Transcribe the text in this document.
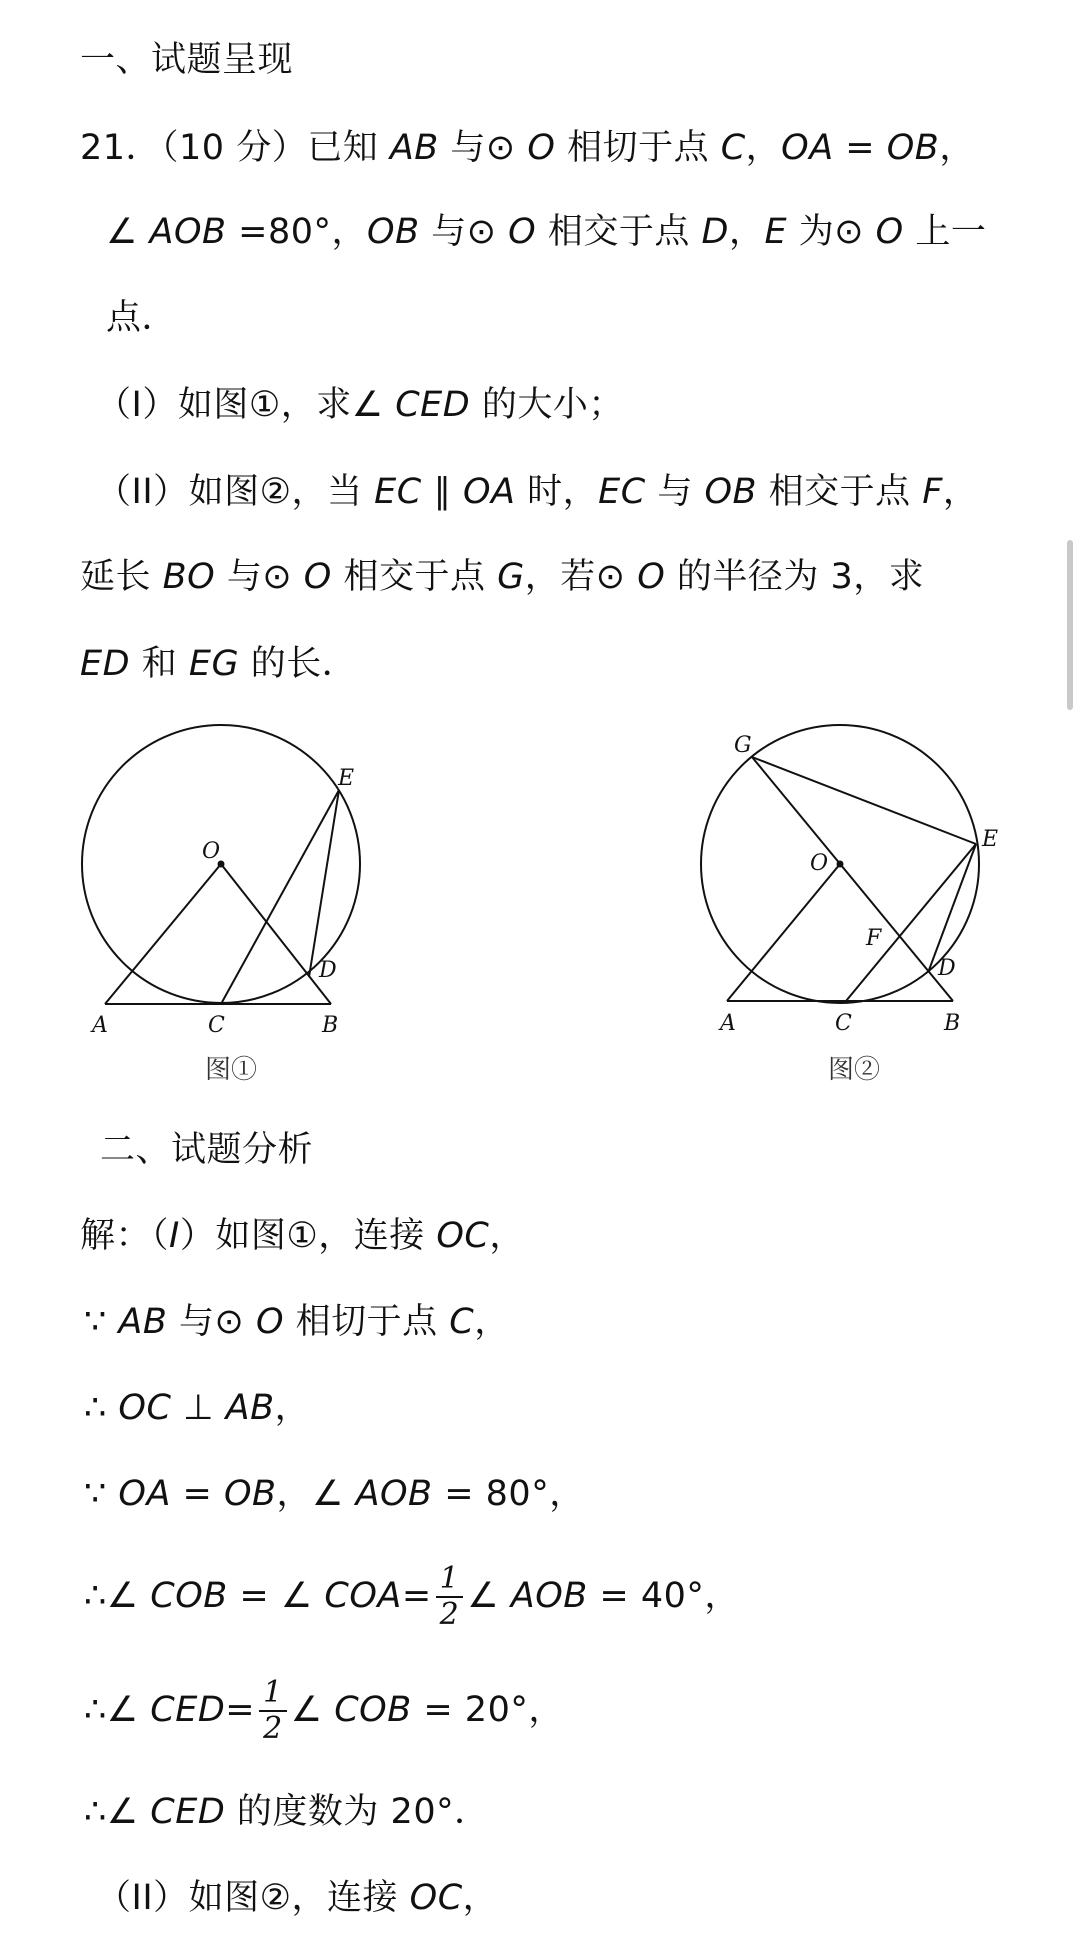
一、试题呈现
21．（10 分）已知 AB 与⊙ O 相切于点 C，OA = OB，
∠ AOB =80°，OB 与⊙ O 相交于点 D，E 为⊙ O 上一
点．
（I）如图①，求∠ CED 的大小；
（II）如图②，当 EC ∥ OA 时，EC 与 OB 相交于点 F，
延长 BO 与⊙ O 相交于点 G，若⊙ O 的半径为 3，求
ED 和 EG 的长．
O
E
D
A	C	B
图①
G
O
E
F
D
A	C	B
图②
二、试题分析
解：（I）如图①，连接 OC，
∵ AB 与⊙ O 相切于点 C，
∴ OC ⊥ AB，
∵ OA = OB，∠ AOB = 80°，
∴∠ COB = ∠ $COA= \frac{1}{2}$ ∠ AOB = 40°，
∴∠ $CED= \frac{1}{2}$ ∠ COB = 20°，
∴∠ CED 的度数为 20°．
（II）如图②，连接 OC，
